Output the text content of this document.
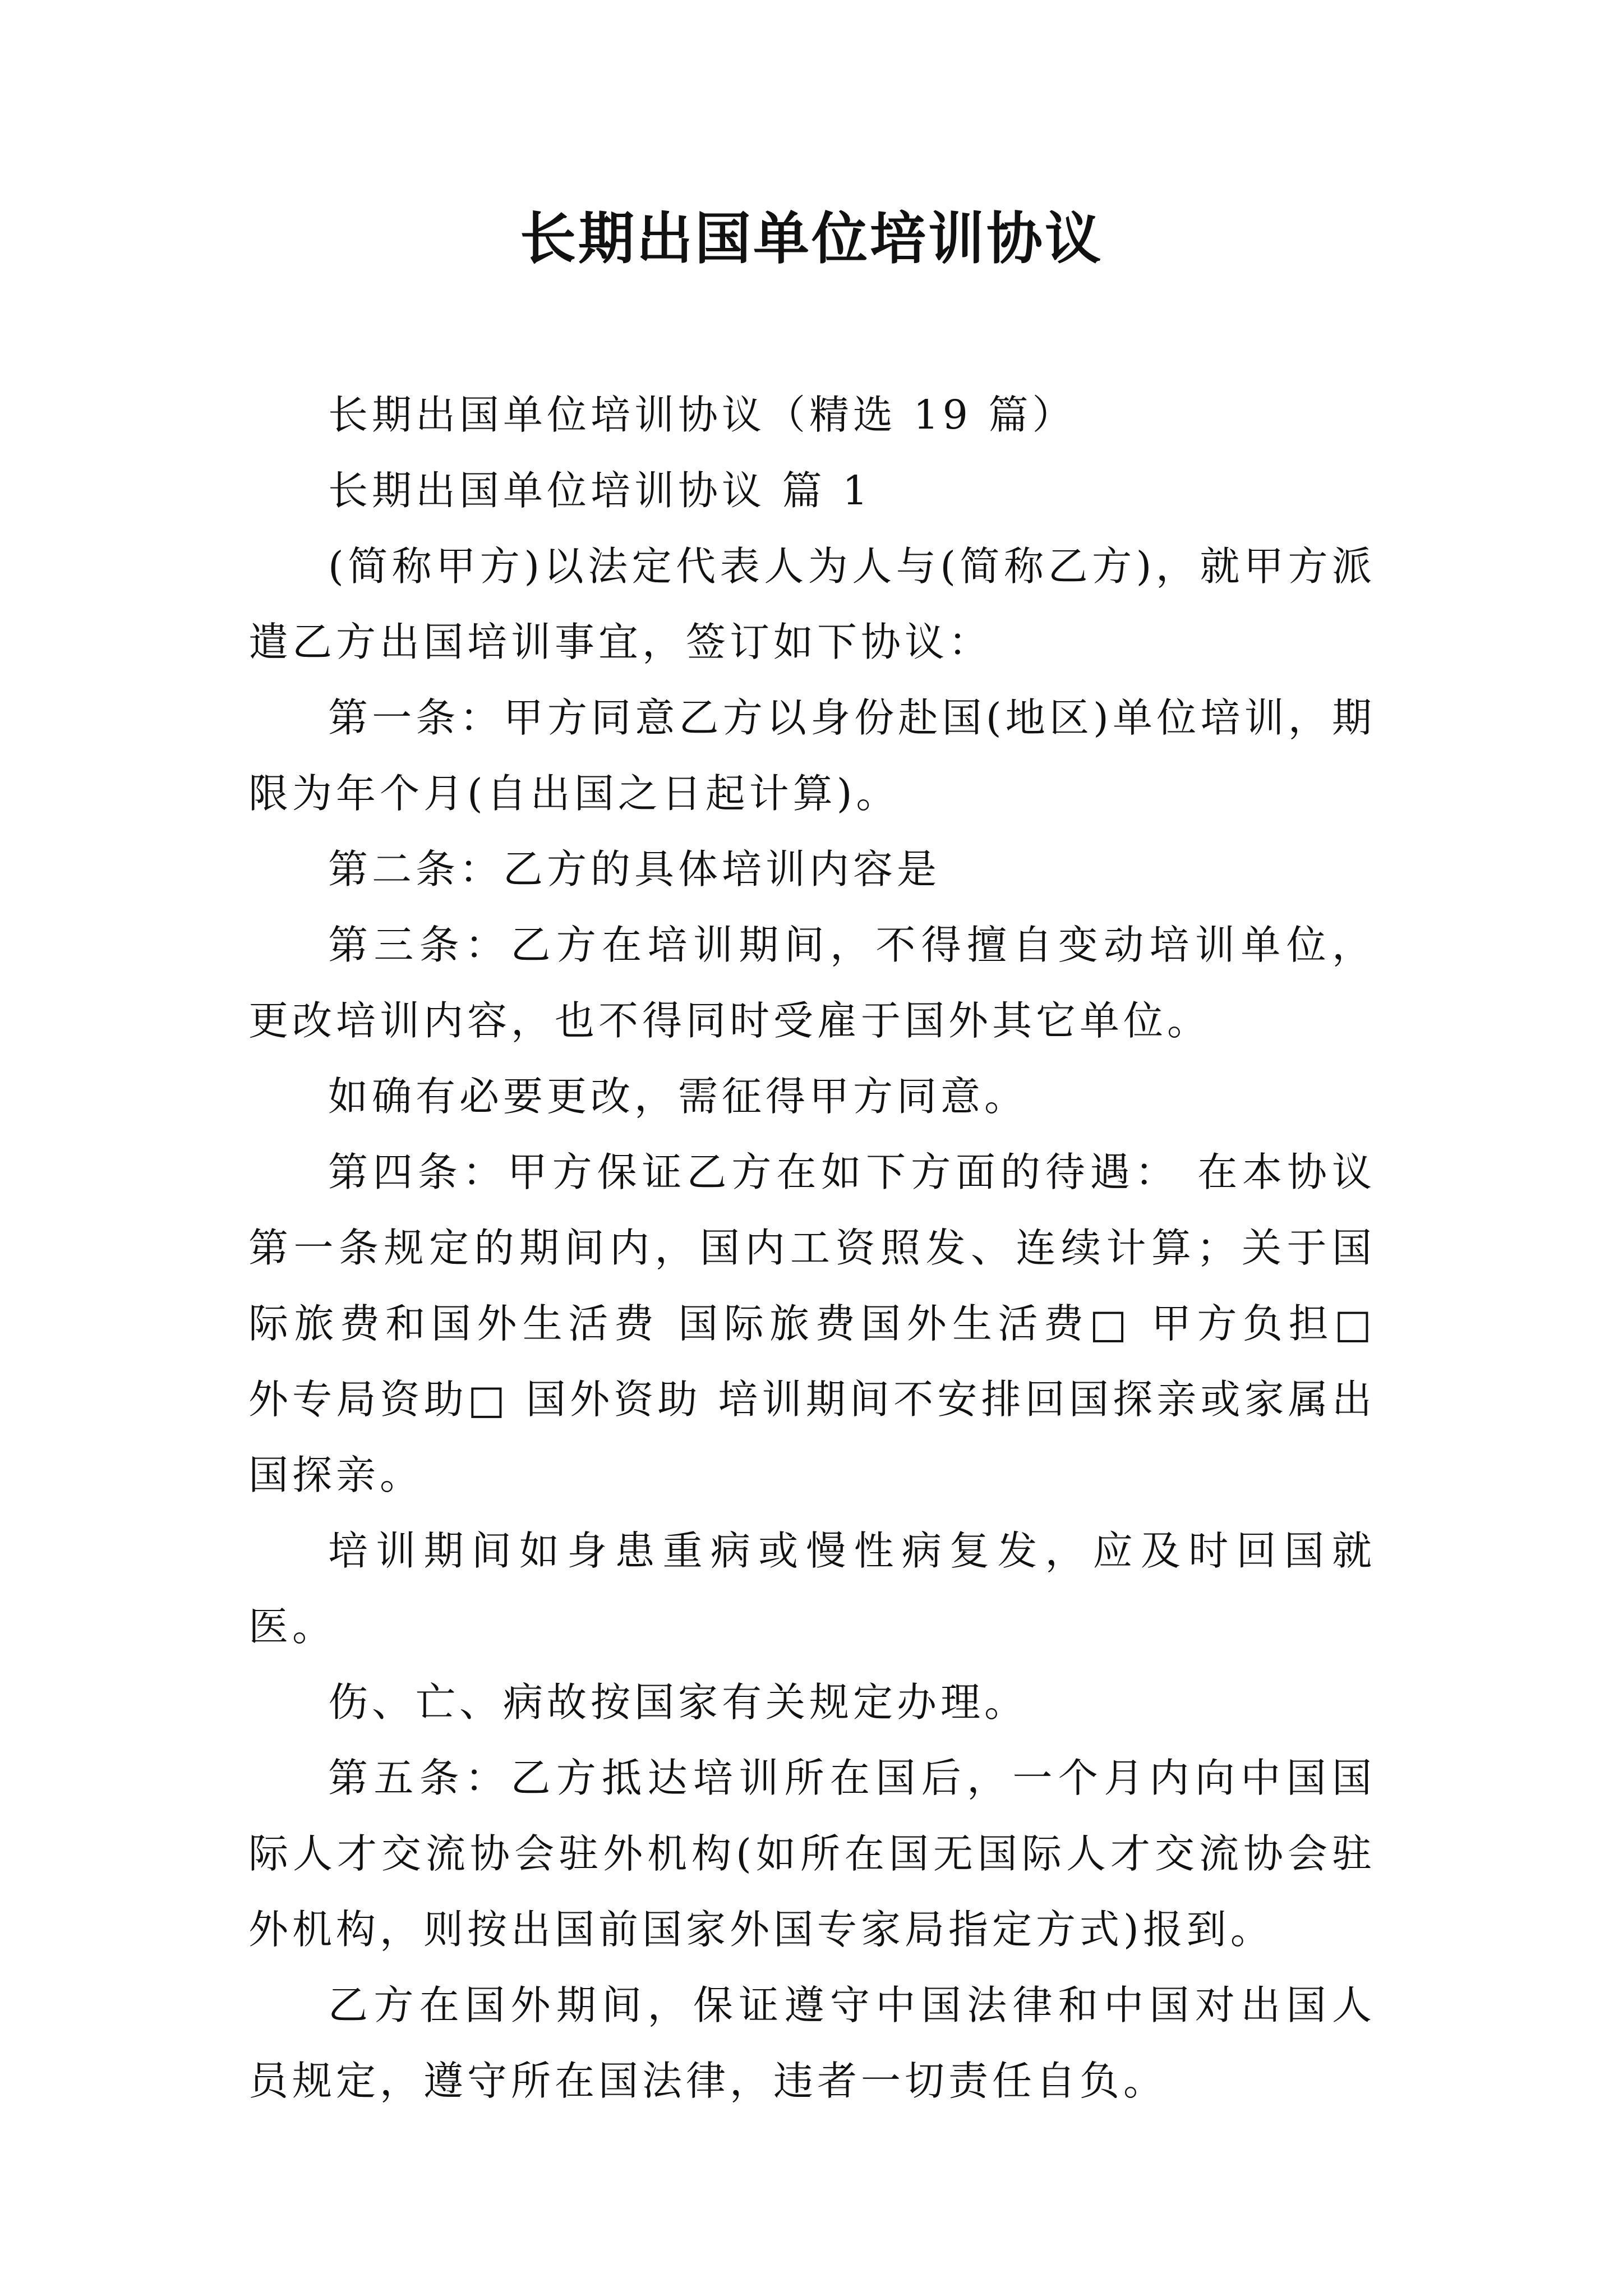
长期出国单位培训协议

长期出国单位培训协议（精选 19 篇）

长期出国单位培训协议 篇 1

(简称甲方)以法定代表人为人与(简称乙方)，就甲方派遣乙方出国培训事宜，签订如下协议：

第一条：甲方同意乙方以身份赴国(地区)单位培训，期限为年个月(自出国之日起计算)。

第二条：乙方的具体培训内容是

第三条：乙方在培训期间，不得擅自变动培训单位，更改培训内容，也不得同时受雇于国外其它单位。

如确有必要更改，需征得甲方同意。

第四条：甲方保证乙方在如下方面的待遇： 在本协议第一条规定的期间内，国内工资照发、连续计算；关于国际旅费和国外生活费 国际旅费国外生活费□ 甲方负担□ 外专局资助□ 国外资助 培训期间不安排回国探亲或家属出国探亲。

培训期间如身患重病或慢性病复发，应及时回国就医。

伤、亡、病故按国家有关规定办理。

第五条：乙方抵达培训所在国后，一个月内向中国国际人才交流协会驻外机构(如所在国无国际人才交流协会驻外机构，则按出国前国家外国专家局指定方式)报到。

乙方在国外期间，保证遵守中国法律和中国对出国人员规定，遵守所在国法律，违者一切责任自负。
